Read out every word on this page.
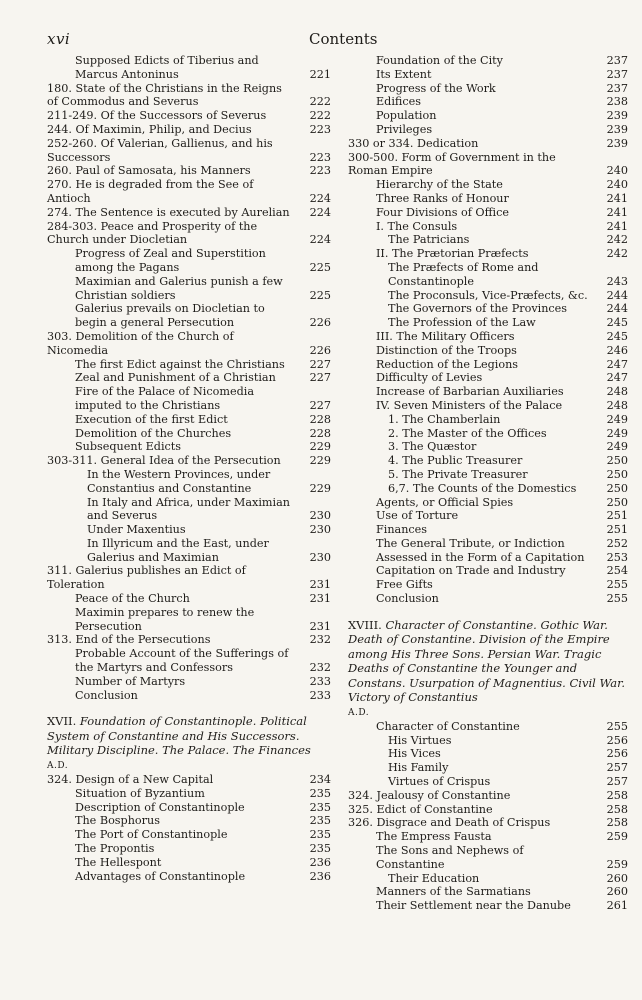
xvi	Contents
Supposed Edicts of Tiberius and Marcus Antoninus	221
180. State of the Christians in the Reigns of Commodus and Severus	222
211-249. Of the Successors of Severus	222
244. Of Maximin, Philip, and Decius	223
252-260. Of Valerian, Gallienus, and his Successors	223
260. Paul of Samosata, his Manners	223
270. He is degraded from the See of Antioch	224
274. The Sentence is executed by Aurelian 224
284-303. Peace and Prosperity of the Church under Diocletian	224
Progress of Zeal and Superstition among the Pagans	225
Maximian and Galerius punish a few Christian soldiers	225
Galerius prevails on Diocletian to begin a general Persecution	226
303. Demolition of the Church of Nicomedia	226
The first Edict against the Christians	227
Zeal and Punishment of a Christian	227
Fire of the Palace of Nicomedia imputed to the Christians	227
Execution of the first Edict	228
Demolition of the Churches	228
Subsequent Edicts	229
303-311. General Idea of the Persecution	229
In the Western Provinces, under Constantius and Constantine	229
In Italy and Africa, under Maximian and Severus	230
Under Maxentius	230
In Illyricum and the East, under Galerius and Maximian	230
311. Galerius publishes an Edict of Toleration	231
Peace of the Church	231
Maximin prepares to renew the Persecution	231
313. End of the Persecutions	232
Probable Account of the Sufferings of the Martyrs and Confessors	232
Number of Martyrs	233
Conclusion	233
XVII. Foundation of Constantinople. Political System of Constantine and His Successors. Military Discipline. The Palace. The Finances
A.D.
324. Design of a New Capital	234
Situation of Byzantium	235
Description of Constantinople	235
The Bosphorus	235
The Port of Constantinople	235
The Propontis	235
The Hellespont	236
Advantages of Constantinople	236
Foundation of the City	237
Its Extent	237
Progress of the Work	237
Edifices	238
Population	239
Privileges	239
330 or 334. Dedication	239
300-500. Form of Government in the Roman Empire	240
Hierarchy of the State	240
Three Ranks of Honour	241
Four Divisions of Office	241
I. The Consuls	241
The Patricians	242
II. The Prætorian Præfects	242
The Præfects of Rome and Constantinople	243
The Proconsuls, Vice-Præfects, &c. 244
The Governors of the Provinces	244
The Profession of the Law	245
III. The Military Officers	245
Distinction of the Troops	246
Reduction of the Legions	247
Difficulty of Levies	247
Increase of Barbarian Auxiliaries	248
IV. Seven Ministers of the Palace	248
1. The Chamberlain	249
2. The Master of the Offices	249
3. The Quæstor	249
4. The Public Treasurer	250
5. The Private Treasurer	250
6,7. The Counts of the Domestics	250
Agents, or Official Spies	250
Use of Torture	251
Finances	251
The General Tribute, or Indiction	252
Assessed in the Form of a Capitation	253
Capitation on Trade and Industry	254
Free Gifts	255
Conclusion	255
XVIII. Character of Constantine. Gothic War. Death of Constantine. Division of the Empire among His Three Sons. Persian War. Tragic Deaths of Constantine the Younger and Constans. Usurpation of Magnentius. Civil War. Victory of Constantius
A.D.
Character of Constantine	255
His Virtues	256
His Vices	256
His Family	257
Virtues of Crispus	257
324. Jealousy of Constantine	258
325. Edict of Constantine	258
326. Disgrace and Death of Crispus	258
The Empress Fausta	259
The Sons and Nephews of Constantine	259
Their Education	260
Manners of the Sarmatians	260
Their Settlement near the Danube	261
